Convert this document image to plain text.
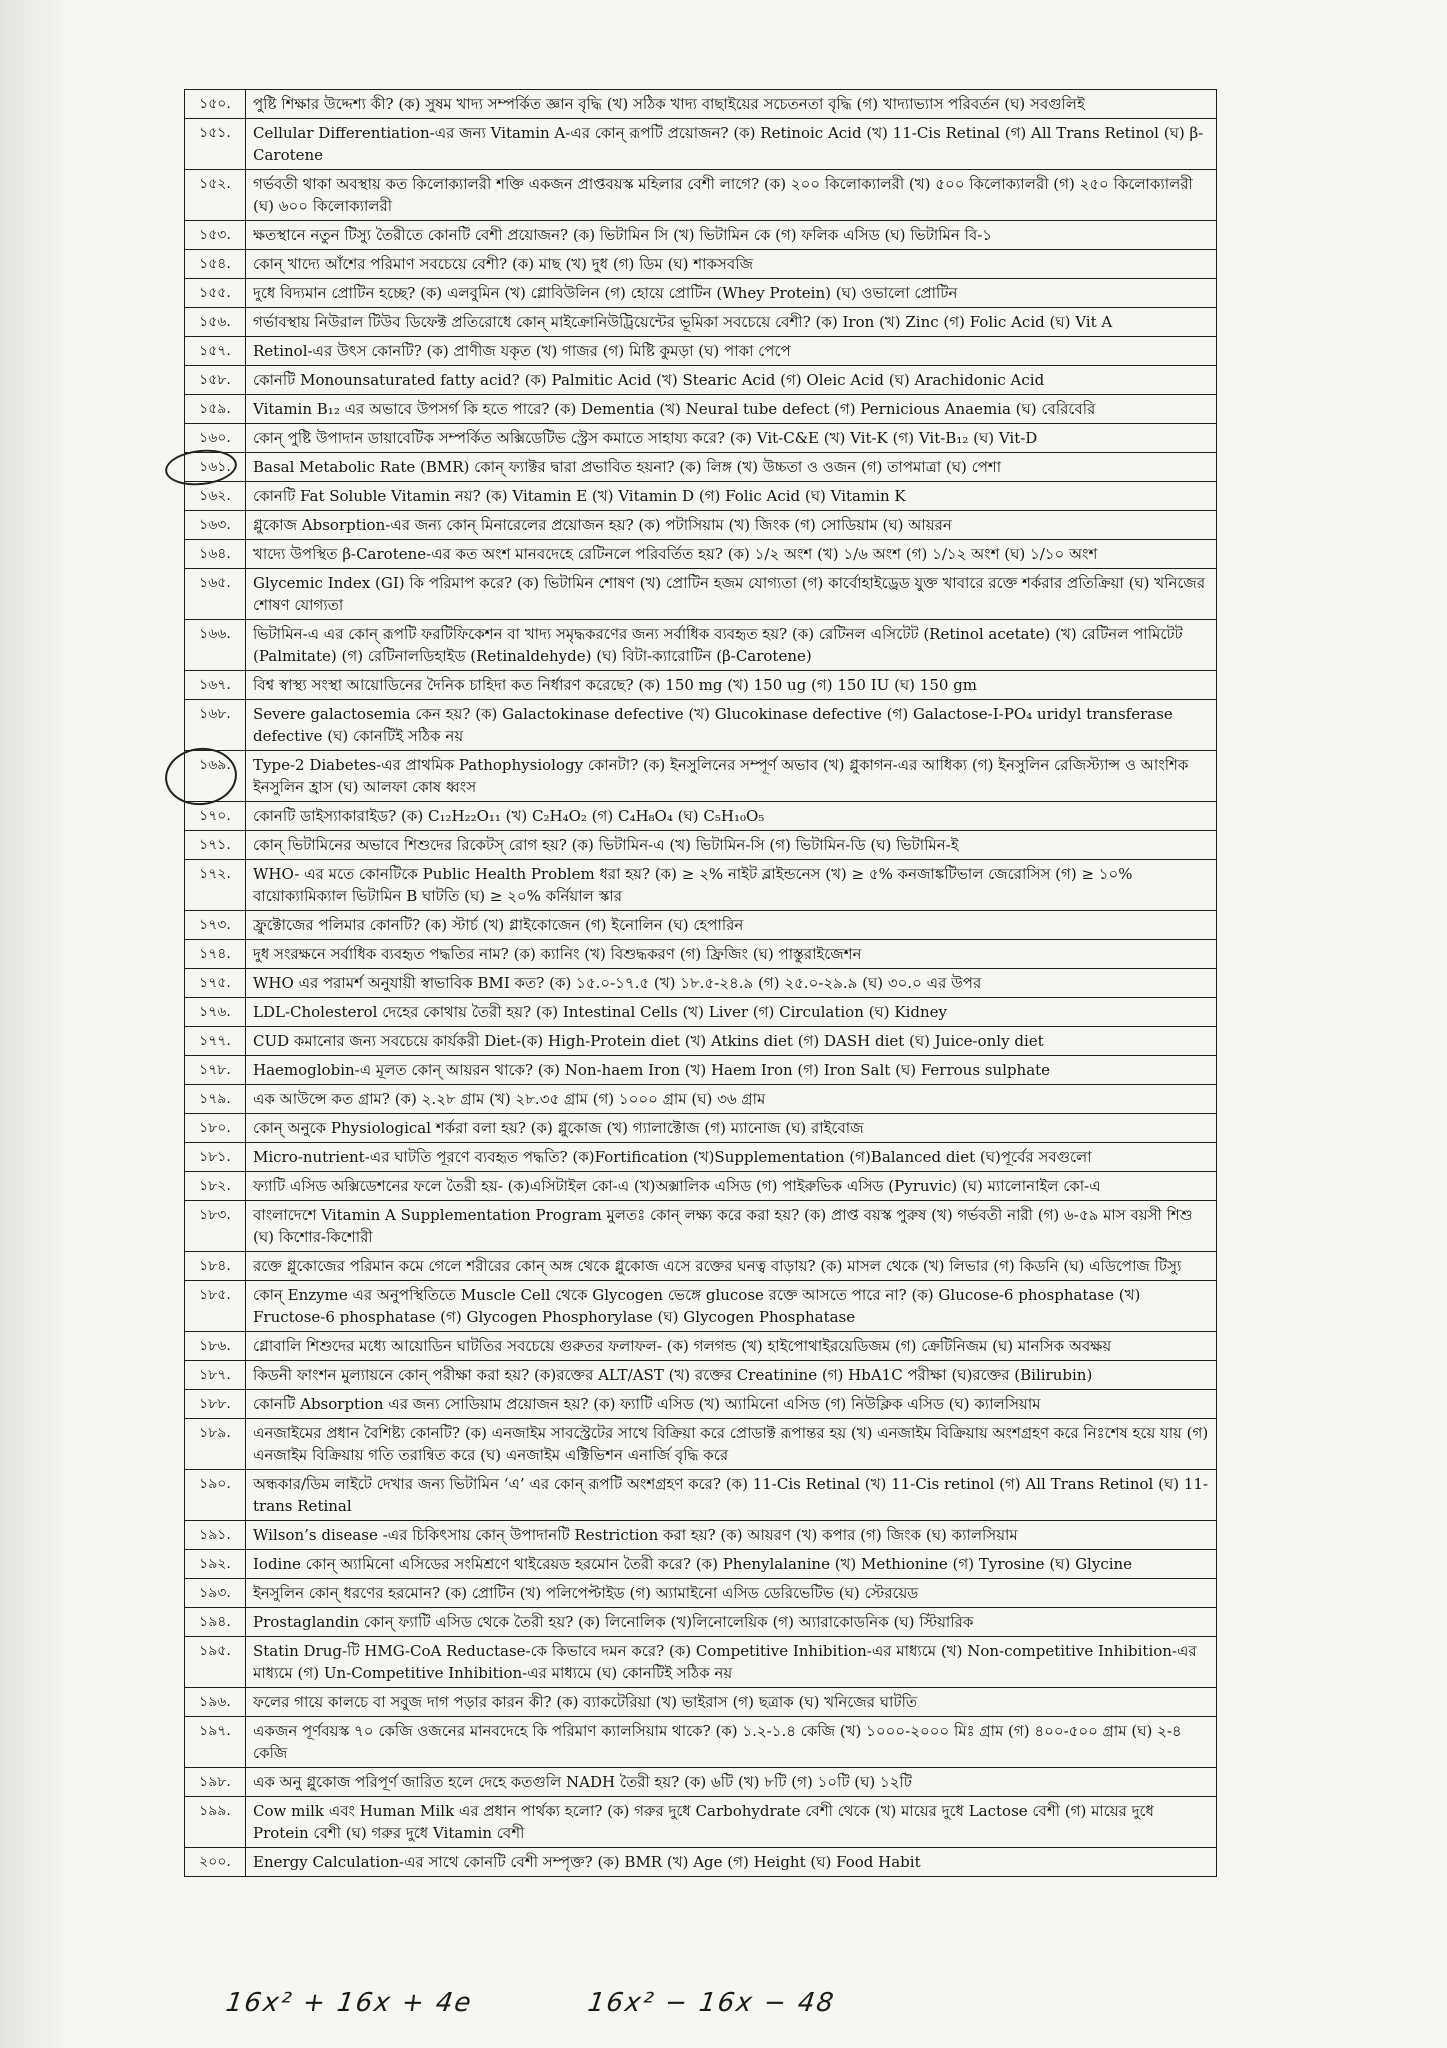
১৫০.	পুষ্টি শিক্ষার উদ্দেশ্য কী? (ক) সুষম খাদ্য সম্পর্কিত জ্ঞান বৃদ্ধি (খ) সঠিক খাদ্য বাছাইয়ের সচেতনতা বৃদ্ধি (গ) খাদ্যাভ্যাস পরিবর্তন (ঘ) সবগুলিই
১৫১.	Cellular Differentiation-এর জন্য Vitamin A-এর কোন্ রূপটি প্রয়োজন? (ক) Retinoic Acid (খ) 11-Cis Retinal (গ) All Trans Retinol (ঘ) β-Carotene
১৫২.	গর্ভবতী থাকা অবস্থায় কত কিলোক্যালরী শক্তি একজন প্রাপ্তবয়স্ক মহিলার বেশী লাগে? (ক) ২০০ কিলোক্যালরী (খ) ৫০০ কিলোক্যালরী (গ) ২৫০ কিলোক্যালরী (ঘ) ৬০০ কিলোক্যালরী
১৫৩.	ক্ষতস্থানে নতুন টিস্যু তৈরীতে কোনটি বেশী প্রয়োজন? (ক) ভিটামিন সি (খ) ভিটামিন কে (গ) ফলিক এসিড (ঘ) ভিটামিন বি-১
১৫৪.	কোন্ খাদ্যে আঁশের পরিমাণ সবচেয়ে বেশী? (ক) মাছ (খ) দুধ (গ) ডিম (ঘ) শাকসবজি
১৫৫.	দুধে বিদ্যমান প্রোটিন হচ্ছে? (ক) এলবুমিন (খ) গ্লোবিউলিন (গ) হোয়ে প্রোটিন (Whey Protein) (ঘ) ওভালো প্রোটিন
১৫৬.	গর্ভাবস্থায় নিউরাল টিউব ডিফেক্ট প্রতিরোধে কোন্ মাইক্রোনিউট্রিয়েন্টের ভূমিকা সবচেয়ে বেশী? (ক) Iron (খ) Zinc (গ) Folic Acid (ঘ) Vit A
১৫৭.	Retinol-এর উৎস কোনটি? (ক) প্রাণীজ যকৃত (খ) গাজর (গ) মিষ্টি কুমড়া (ঘ) পাকা পেপে
১৫৮.	কোনটি Monounsaturated fatty acid? (ক) Palmitic Acid (খ) Stearic Acid (গ) Oleic Acid (ঘ) Arachidonic Acid
১৫৯.	Vitamin B₁₂ এর অভাবে উপসর্গ কি হতে পারে? (ক) Dementia (খ) Neural tube defect (গ) Pernicious Anaemia (ঘ) বেরিবেরি
১৬০.	কোন্ পুষ্টি উপাদান ডায়াবেটিক সম্পর্কিত অক্সিডেটিভ স্ট্রেস কমাতে সাহায্য করে? (ক) Vit-C&E (খ) Vit-K (গ) Vit-B₁₂ (ঘ) Vit-D
১৬১.	Basal Metabolic Rate (BMR) কোন্ ফ্যাক্টর দ্বারা প্রভাবিত হয়না? (ক) লিঙ্গ (খ) উচ্চতা ও ওজন (গ) তাপমাত্রা (ঘ) পেশা
১৬২.	কোনটি Fat Soluble Vitamin নয়? (ক) Vitamin E (খ) Vitamin D (গ) Folic Acid (ঘ) Vitamin K
১৬৩.	গ্লুকোজ Absorption-এর জন্য কোন্ মিনারেলের প্রয়োজন হয়? (ক) পটাসিয়াম (খ) জিংক (গ) সোডিয়াম (ঘ) আয়রন
১৬৪.	খাদ্যে উপস্থিত β-Carotene-এর কত অংশ মানবদেহে রেটিনলে পরিবর্তিত হয়? (ক) ১/২ অংশ (খ) ১/৬ অংশ (গ) ১/১২ অংশ (ঘ) ১/১০ অংশ
১৬৫.	Glycemic Index (GI) কি পরিমাপ করে? (ক) ভিটামিন শোষণ (খ) প্রোটিন হজম যোগ্যতা (গ) কার্বোহাইড্রেড যুক্ত খাবারে রক্তে শর্করার প্রতিক্রিয়া (ঘ) খনিজের শোষণ যোগ্যতা
১৬৬.	ভিটামিন-এ এর কোন্ রূপটি ফরটিফিকেশন বা খাদ্য সমৃদ্ধকরণের জন্য সর্বাধিক ব্যবহৃত হয়? (ক) রেটিনল এসিটেট (Retinol acetate) (খ) রেটিনল পামিটেট (Palmitate) (গ) রেটিনালডিহাইড (Retinaldehyde) (ঘ) বিটা-ক্যারোটিন (β-Carotene)
১৬৭.	বিশ্ব স্বাস্থ্য সংস্থা আয়োডিনের দৈনিক চাহিদা কত নির্ধারণ করেছে? (ক) 150 mg (খ) 150 ug (গ) 150 IU (ঘ) 150 gm
১৬৮.	Severe galactosemia কেন হয়? (ক) Galactokinase defective (খ) Glucokinase defective (গ) Galactose-I-PO₄ uridyl transferase defective (ঘ) কোনটিই সঠিক নয়
১৬৯.	Type-2 Diabetes-এর প্রাথমিক Pathophysiology কোনটা? (ক) ইনসুলিনের সম্পূর্ণ অভাব (খ) গ্লুকাগন-এর আধিক্য (গ) ইনসুলিন রেজিস্ট্যান্স ও আংশিক ইনসুলিন হ্রাস (ঘ) আলফা কোষ ধ্বংস
১৭০.	কোনটি ডাইস্যাকারাইড? (ক) C₁₂H₂₂O₁₁ (খ) C₂H₄O₂ (গ) C₄H₈O₄ (ঘ) C₅H₁₀O₅
১৭১.	কোন্ ভিটামিনের অভাবে শিশুদের রিকেটস্ রোগ হয়? (ক) ভিটামিন-এ (খ) ভিটামিন-সি (গ) ভিটামিন-ডি (ঘ) ভিটামিন-ই
১৭২.	WHO- এর মতে কোনটিকে Public Health Problem ধরা হয়? (ক) ≥ ২% নাইট ব্লাইন্ডনেস (খ) ≥ ৫% কনজাঙ্কটিভাল জেরোসিস (গ) ≥ ১০% বায়োক্যামিক্যাল ভিটামিন B ঘাটতি (ঘ) ≥ ২০% কর্নিয়াল স্কার
১৭৩.	ফ্রুক্টোজের পলিমার কোনটি? (ক) স্টার্চ (খ) গ্লাইকোজেন (গ) ইনোলিন (ঘ) হেপারিন
১৭৪.	দুধ সংরক্ষনে সর্বাধিক ব্যবহৃত পদ্ধতির নাম? (ক) ক্যানিং (খ) বিশুদ্ধকরণ (গ) ফ্রিজিং (ঘ) পাস্তুরাইজেশন
১৭৫.	WHO এর পরামর্শ অনুযায়ী স্বাভাবিক BMI কত? (ক) ১৫.০-১৭.৫ (খ) ১৮.৫-২৪.৯ (গ) ২৫.০-২৯.৯ (ঘ) ৩০.০ এর উপর
১৭৬.	LDL-Cholesterol দেহের কোথায় তৈরী হয়? (ক) Intestinal Cells (খ) Liver (গ) Circulation (ঘ) Kidney
১৭৭.	CUD কমানোর জন্য সবচেয়ে কার্যকরী Diet-(ক) High-Protein diet (খ) Atkins diet (গ) DASH diet (ঘ) Juice-only diet
১৭৮.	Haemoglobin-এ মূলত কোন্ আয়রন থাকে? (ক) Non-haem Iron (খ) Haem Iron (গ) Iron Salt (ঘ) Ferrous sulphate
১৭৯.	এক আউন্সে কত গ্রাম? (ক) ২.২৮ গ্রাম (খ) ২৮.৩৫ গ্রাম (গ) ১০০০ গ্রাম (ঘ) ৩৬ গ্রাম
১৮০.	কোন্ অনুকে Physiological শর্করা বলা হয়? (ক) গ্লুকোজ (খ) গ্যালাক্টোজ (গ) ম্যানোজ (ঘ) রাইবোজ
১৮১.	Micro-nutrient-এর ঘাটতি পূরণে ব্যবহৃত পদ্ধতি? (ক)Fortification (খ)Supplementation (গ)Balanced diet (ঘ)পূর্বের সবগুলো
১৮২.	ফ্যাটি এসিড অক্সিডেশনের ফলে তৈরী হয়- (ক)এসিটাইল কো-এ (খ)অক্সালিক এসিড (গ) পাইরুভিক এসিড (Pyruvic) (ঘ) ম্যালোনাইল কো-এ
১৮৩.	বাংলাদেশে Vitamin A Supplementation Program মুলতঃ কোন্ লক্ষ্য করে করা হয়? (ক) প্রাপ্ত বয়স্ক পুরুষ (খ) গর্ভবতী নারী (গ) ৬-৫৯ মাস বয়সী শিশু (ঘ) কিশোর-কিশোরী
১৮৪.	রক্তে গ্লুকোজের পরিমান কমে গেলে শরীরের কোন্ অঙ্গ থেকে গ্লুকোজ এসে রক্তের ঘনত্ব বাড়ায়? (ক) মাসল থেকে (খ) লিভার (গ) কিডনি (ঘ) এডিপোজ টিস্যু
১৮৫.	কোন্ Enzyme এর অনুপস্থিতিতে Muscle Cell থেকে Glycogen ভেঙ্গে glucose রক্তে আসতে পারে না? (ক) Glucose-6 phosphatase (খ) Fructose-6 phosphatase (গ) Glycogen Phosphorylase (ঘ) Glycogen Phosphatase
১৮৬.	গ্লোবালি শিশুদের মধ্যে আয়োডিন ঘাটতির সবচেয়ে গুরুতর ফলাফল- (ক) গলগন্ড (খ) হাইপোথাইরয়েডিজম (গ) ক্রেটিনিজম (ঘ) মানসিক অবক্ষয়
১৮৭.	কিডনী ফাংশন মুল্যায়নে কোন্ পরীক্ষা করা হয়? (ক)রক্তের ALT/AST (খ) রক্তের Creatinine (গ) HbA1C পরীক্ষা (ঘ)রক্তের (Bilirubin)
১৮৮.	কোনটি Absorption এর জন্য সোডিয়াম প্রয়োজন হয়? (ক) ফ্যাটি এসিড (খ) অ্যামিনো এসিড (গ) নিউক্লিক এসিড (ঘ) ক্যালসিয়াম
১৮৯.	এনজাইমের প্রধান বৈশিষ্ট্য কোনটি? (ক) এনজাইম সাবস্ট্রেটের সাথে বিক্রিয়া করে প্রোডাক্ট রূপান্তর হয় (খ) এনজাইম বিক্রিয়ায় অংশগ্রহণ করে নিঃশেষ হয়ে যায় (গ) এনজাইম বিক্রিয়ায় গতি তরান্বিত করে (ঘ) এনজাইম এক্টিভিশন এনার্জি বৃদ্ধি করে
১৯০.	অন্ধকার/ডিম লাইটে দেখার জন্য ভিটামিন ‘এ’ এর কোন্ রূপটি অংশগ্রহণ করে? (ক) 11-Cis Retinal (খ) 11-Cis retinol (গ) All Trans Retinol (ঘ) 11-trans Retinal
১৯১.	Wilson’s disease -এর চিকিৎসায় কোন্ উপাদানটি Restriction করা হয়? (ক) আয়রণ (খ) কপার (গ) জিংক (ঘ) ক্যালসিয়াম
১৯২.	Iodine কোন্ অ্যামিনো এসিডের সংমিশ্রণে থাইরেয়ড হরমোন তৈরী করে? (ক) Phenylalanine (খ) Methionine (গ) Tyrosine (ঘ) Glycine
১৯৩.	ইনসুলিন কোন্ ধরণের হরমোন? (ক) প্রোটিন (খ) পলিপেপ্টাইড (গ) অ্যামাইনো এসিড ডেরিভেটিভ (ঘ) স্টেরয়েড
১৯৪.	Prostaglandin কোন্ ফ্যাটি এসিড থেকে তৈরী হয়? (ক) লিনোলিক (খ)লিনোলেয়িক (গ) অ্যারাকোডনিক (ঘ) স্টিয়ারিক
১৯৫.	Statin Drug-টি HMG-CoA Reductase-কে কিভাবে দমন করে? (ক) Competitive Inhibition-এর মাধ্যমে (খ) Non-competitive Inhibition-এর মাধ্যমে (গ) Un-Competitive Inhibition-এর মাধ্যমে (ঘ) কোনটিই সঠিক নয়
১৯৬.	ফলের গায়ে কালচে বা সবুজ দাগ পড়ার কারন কী? (ক) ব্যাকটেরিয়া (খ) ভাইরাস (গ) ছত্রাক (ঘ) খনিজের ঘাটতি
১৯৭.	একজন পূর্ণবয়স্ক ৭০ কেজি ওজনের মানবদেহে কি পরিমাণ ক্যালসিয়াম থাকে? (ক) ১.২-১.৪ কেজি (খ) ১০০০-২০০০ মিঃ গ্রাম (গ) ৪০০-৫০০ গ্রাম (ঘ) ২-৪ কেজি
১৯৮.	এক অনু গ্লুকোজ পরিপূর্ণ জারিত হলে দেহে কতগুলি NADH তৈরী হয়? (ক) ৬টি (খ) ৮টি (গ) ১০টি (ঘ) ১২টি
১৯৯.	Cow milk এবং Human Milk এর প্রধান পার্থক্য হলো? (ক) গরুর দুধে Carbohydrate বেশী থেকে (খ) মায়ের দুধে Lactose বেশী (গ) মায়ের দুধে Protein বেশী (ঘ) গরুর দুধে Vitamin বেশী
২০০.	Energy Calculation-এর সাথে কোনটি বেশী সম্পৃক্ত? (ক) BMR (খ) Age (গ) Height (ঘ) Food Habit
16x² + 16x + 4e	16x² − 16x − 48
